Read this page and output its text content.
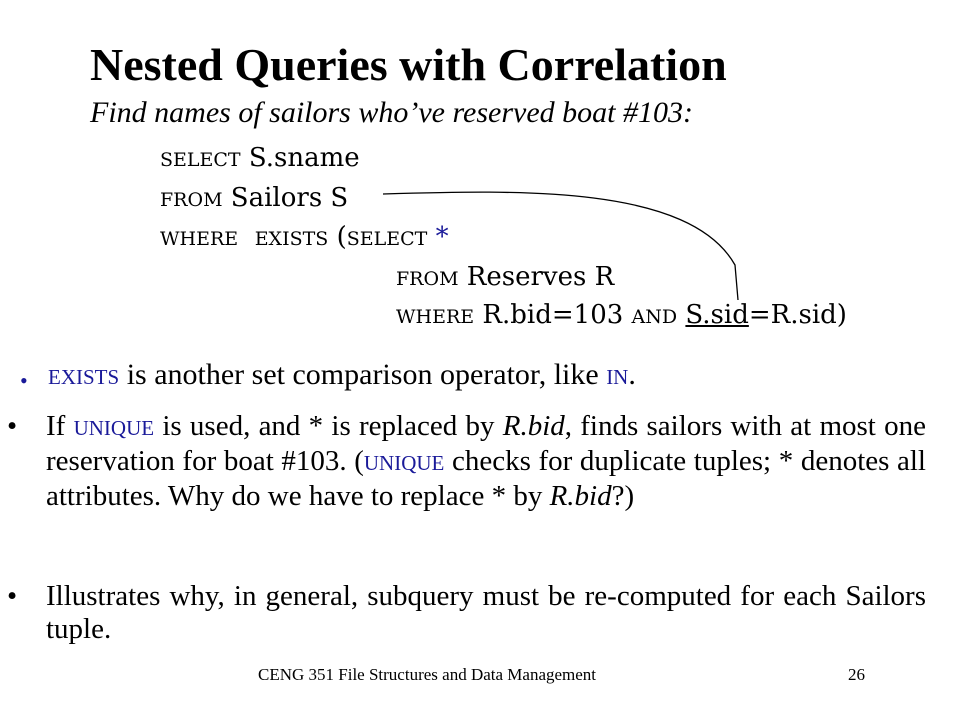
Nested Queries with Correlation
Find names of sailors who’ve reserved boat #103:
SELECT S.sname
FROM Sailors S
WHERE EXISTS (SELECT *
FROM Reserves R
WHERE R.bid=103 AND S.sid=R.sid)
• EXISTS is another set comparison operator, like IN.
• If UNIQUE is used, and * is replaced by R.bid, finds sailors with at most one reservation for boat #103. (UNIQUE checks for duplicate tuples; * denotes all attributes. Why do we have to replace * by R.bid?)
• Illustrates why, in general, subquery must be re-computed for each Sailors tuple.
CENG 351 File Structures and Data Management	26
